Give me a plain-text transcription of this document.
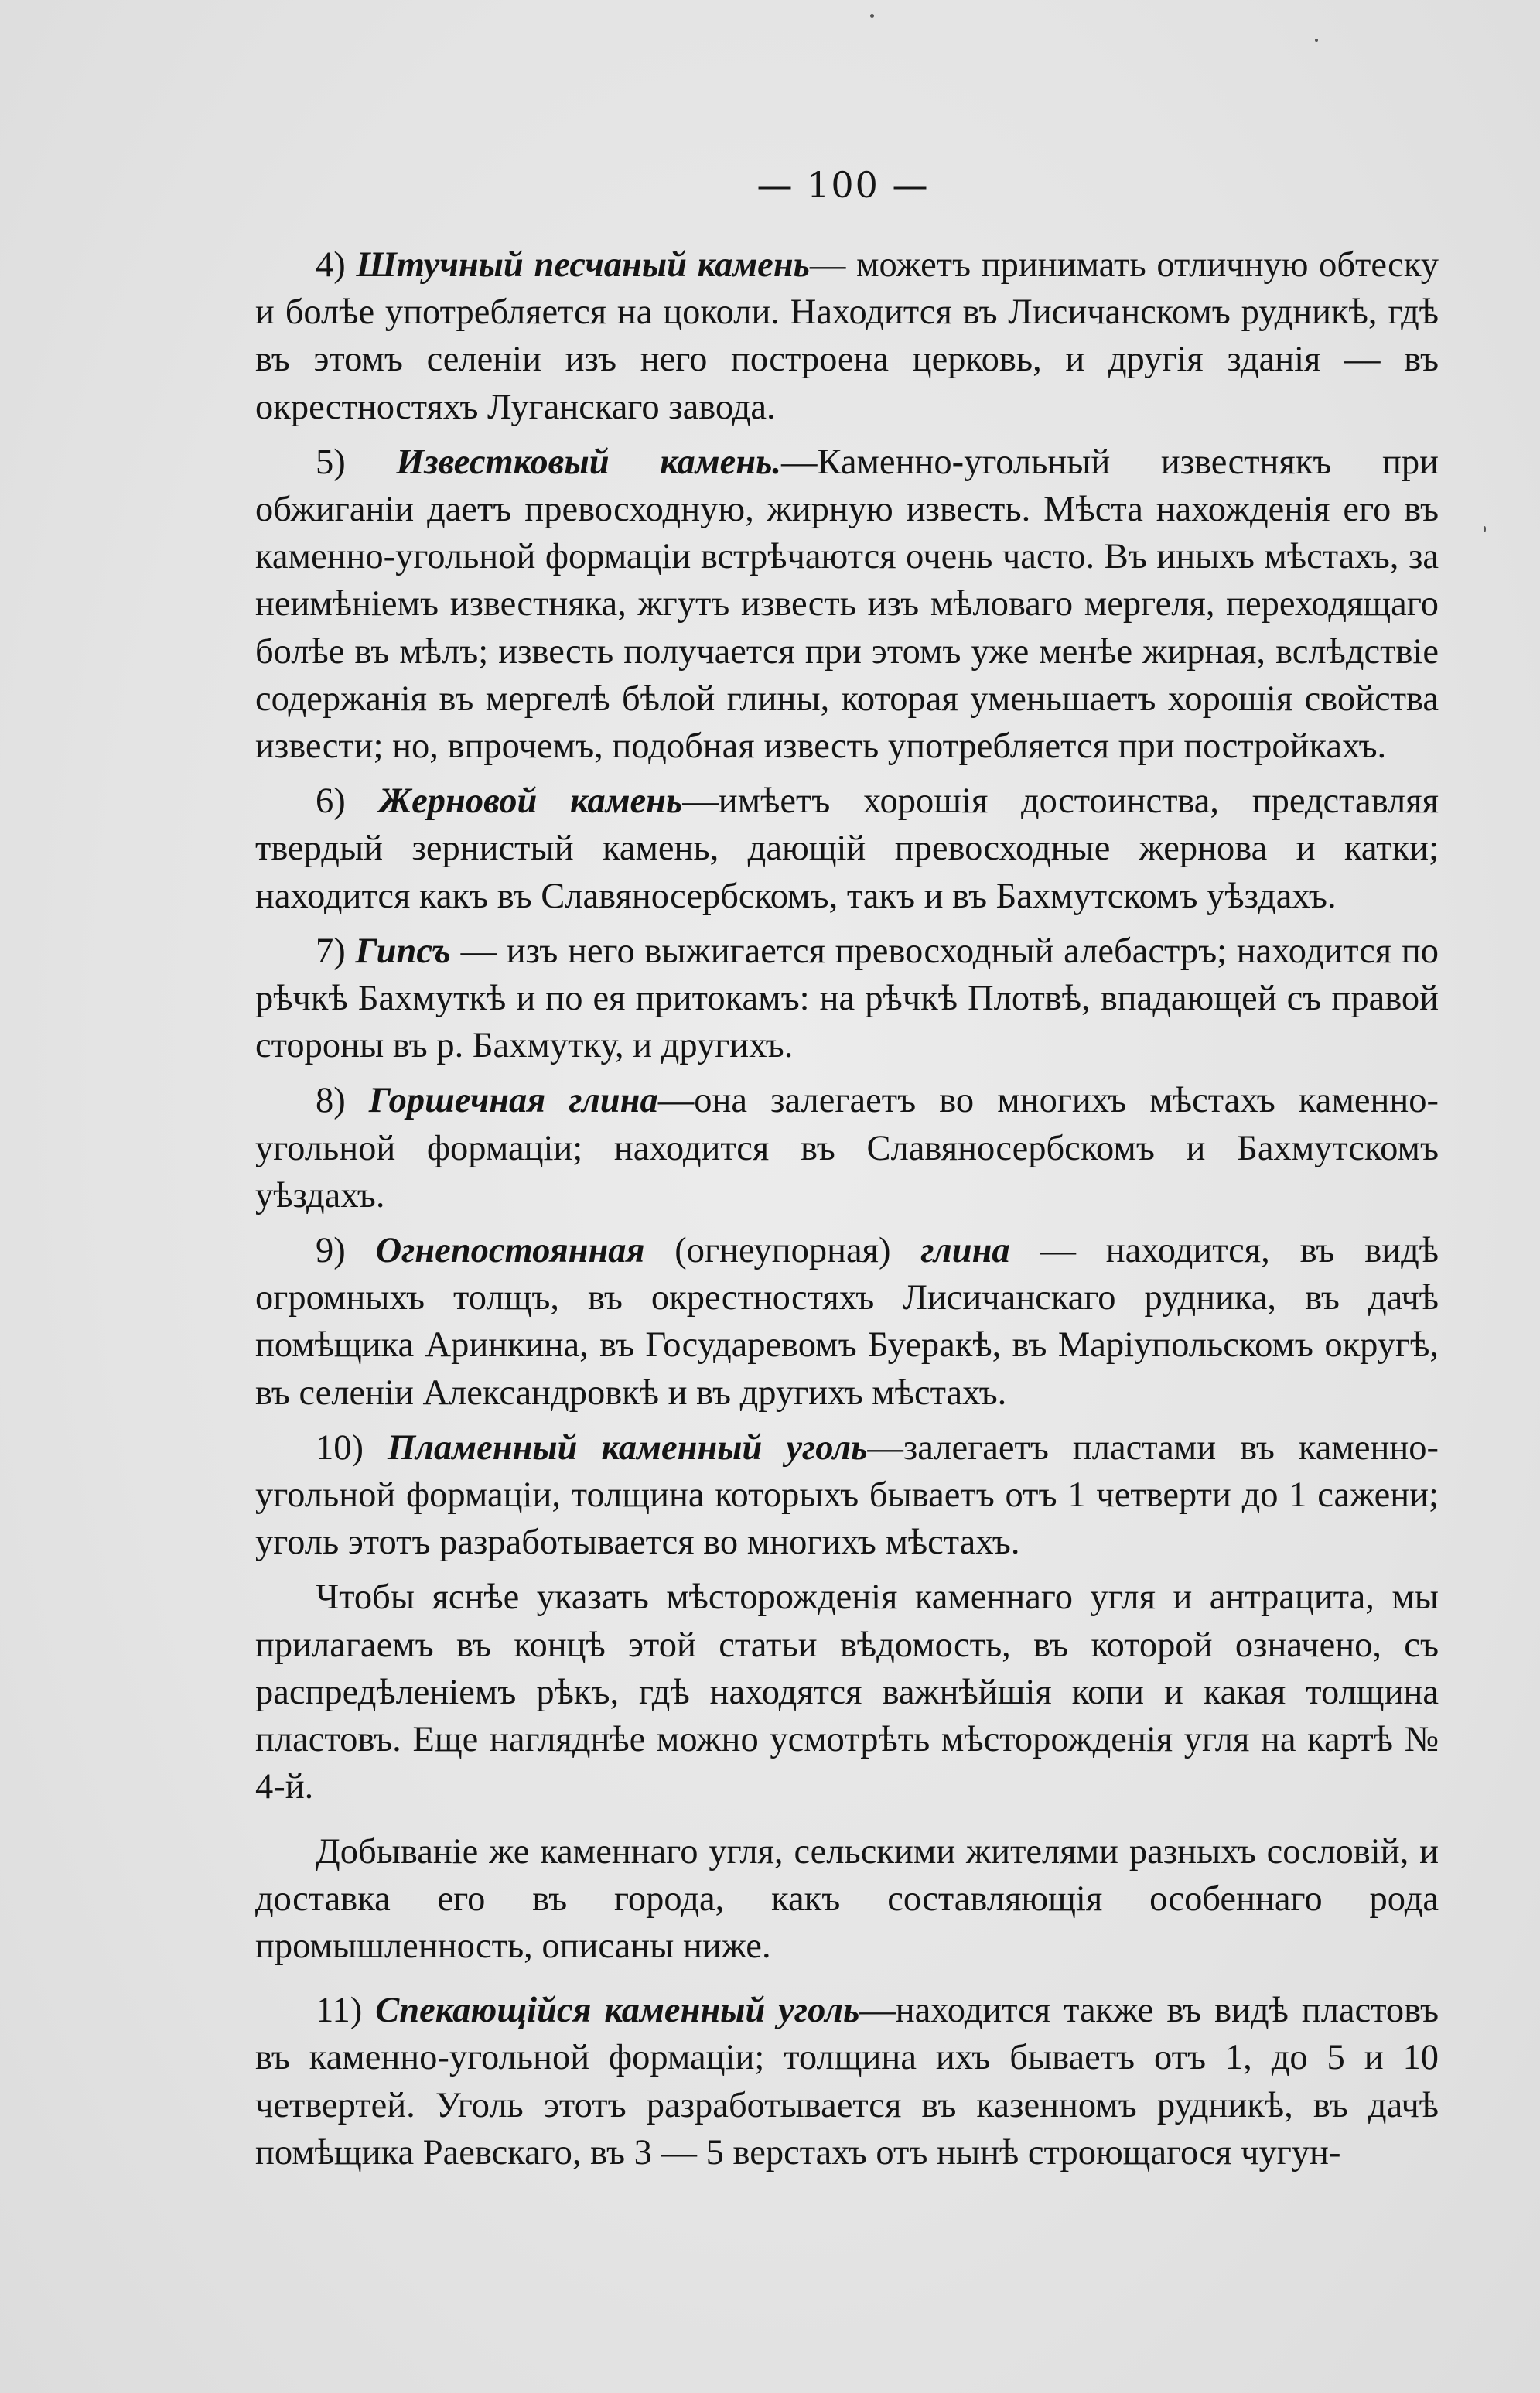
— 100 —

4) Штучный песчаный камень— можетъ принимать отличную обтеску и болѣе употребляется на цоколи. Находится въ Лисичанскомъ рудникѣ, гдѣ въ этомъ селеніи изъ него построена церковь, и другія зданія — въ окрестностяхъ Луганскаго завода.

5) Известковый камень.—Каменно-угольный известнякъ при обжиганіи даетъ превосходную, жирную известь. Мѣста нахожденія его въ каменно-угольной формаціи встрѣчаются очень часто. Въ иныхъ мѣстахъ, за неимѣніемъ известняка, жгутъ известь изъ мѣловаго мергеля, переходящаго болѣе въ мѣлъ; известь получается при этомъ уже менѣе жирная, вслѣдствіе содержанія въ мергелѣ бѣлой глины, которая уменьшаетъ хорошія свойства извести; но, впрочемъ, подобная известь употребляется при постройкахъ.

6) Жерновой камень—имѣетъ хорошія достоинства, представляя твердый зернистый камень, дающій превосходные жернова и катки; находится какъ въ Славяносербскомъ, такъ и въ Бахмутскомъ уѣздахъ.

7) Гипсъ — изъ него выжигается превосходный алебастръ; находится по рѣчкѣ Бахмуткѣ и по ея притокамъ: на рѣчкѣ Плотвѣ, впадающей съ правой стороны въ р. Бахмутку, и другихъ.

8) Горшечная глина—она залегаетъ во многихъ мѣстахъ каменно-угольной формаціи; находится въ Славяносербскомъ и Бахмутскомъ уѣздахъ.

9) Огнепостоянная (огнеупорная) глина — находится, въ видѣ огромныхъ толщъ, въ окрестностяхъ Лисичанскаго рудника, въ дачѣ помѣщика Аринкина, въ Государевомъ Буеракѣ, въ Маріупольскомъ округѣ, въ селеніи Александровкѣ и въ другихъ мѣстахъ.

10) Пламенный каменный уголь—залегаетъ пластами въ каменно-угольной формаціи, толщина которыхъ бываетъ отъ 1 четверти до 1 сажени; уголь этотъ разработывается во многихъ мѣстахъ.

Чтобы яснѣе указать мѣсторожденія каменнаго угля и антрацита, мы прилагаемъ въ концѣ этой статьи вѣдомость, въ которой означено, съ распредѣленіемъ рѣкъ, гдѣ находятся важнѣйшія копи и какая толщина пластовъ. Еще нагляднѣе можно усмотрѣть мѣсторожденія угля на картѣ № 4-й.

Добываніе же каменнаго угля, сельскими жителями разныхъ сословій, и доставка его въ города, какъ составляющія особеннаго рода промышленность, описаны ниже.

11) Спекающійся каменный уголь—находится также въ видѣ пластовъ въ каменно-угольной формаціи; толщина ихъ бываетъ отъ 1, до 5 и 10 четвертей. Уголь этотъ разработывается въ казенномъ рудникѣ, въ дачѣ помѣщика Раевскаго, въ 3 — 5 верстахъ отъ нынѣ строющагося чугун-
